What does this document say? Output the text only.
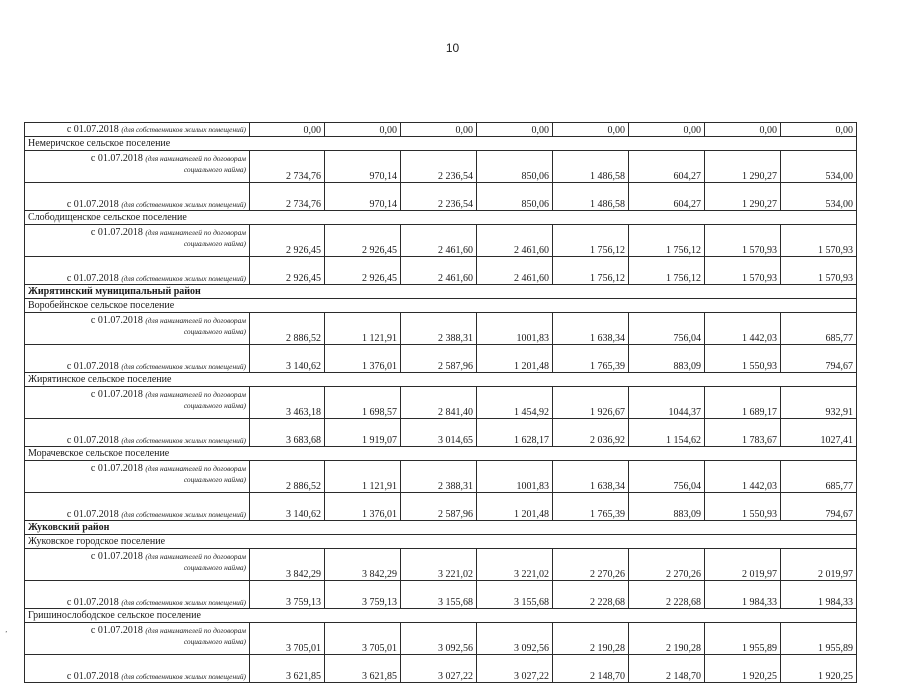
10
с 01.07.2018 (для собственников жилых помещений)	0,00	0,00	0,00	0,00	0,00	0,00	0,00	0,00
Немеричское сельское поселение								

с 01.07.2018 (для нанимателей по договорам
социального найма)	2 734,76	970,14	2 236,54	850,06	1 486,58	604,27	1 290,27	534,00

с 01.07.2018 (для собственников жилых помещений)	2 734,76	970,14	2 236,54	850,06	1 486,58	604,27	1 290,27	534,00
Слободищенское сельское поселение								

с 01.07.2018 (для нанимателей по договорам
социального найма)	2 926,45	2 926,45	2 461,60	2 461,60	1 756,12	1 756,12	1 570,93	1 570,93

с 01.07.2018 (для собственников жилых помещений)	2 926,45	2 926,45	2 461,60	2 461,60	1 756,12	1 756,12	1 570,93	1 570,93
Жирятинский муниципальный район								
Воробейнское сельское поселение								

с 01.07.2018 (для нанимателей по договорам
социального найма)	2 886,52	1 121,91	2 388,31	1001,83	1 638,34	756,04	1 442,03	685,77

с 01.07.2018 (для собственников жилых помещений)	3 140,62	1 376,01	2 587,96	1 201,48	1 765,39	883,09	1 550,93	794,67
Жирятинское сельское поселение								

с 01.07.2018 (для нанимателей по договорам
социального найма)	3 463,18	1 698,57	2 841,40	1 454,92	1 926,67	1044,37	1 689,17	932,91

с 01.07.2018 (для собственников жилых помещений)	3 683,68	1 919,07	3 014,65	1 628,17	2 036,92	1 154,62	1 783,67	1027,41
Морачевское сельское поселение								

с 01.07.2018 (для нанимателей по договорам
социального найма)	2 886,52	1 121,91	2 388,31	1001,83	1 638,34	756,04	1 442,03	685,77

с 01.07.2018 (для собственников жилых помещений)	3 140,62	1 376,01	2 587,96	1 201,48	1 765,39	883,09	1 550,93	794,67
Жуковский район								
Жуковское городское поселение								

с 01.07.2018 (для нанимателей по договорам
социального найма)	3 842,29	3 842,29	3 221,02	3 221,02	2 270,26	2 270,26	2 019,97	2 019,97

с 01.07.2018 (для собственников жилых помещений)	3 759,13	3 759,13	3 155,68	3 155,68	2 228,68	2 228,68	1 984,33	1 984,33
Гришинослободское сельское поселение								

с 01.07.2018 (для нанимателей по договорам
социального найма)	3 705,01	3 705,01	3 092,56	3 092,56	2 190,28	2 190,28	1 955,89	1 955,89

с 01.07.2018 (для собственников жилых помещений)	3 621,85	3 621,85	3 027,22	3 027,22	2 148,70	2 148,70	1 920,25	1 920,25
’
